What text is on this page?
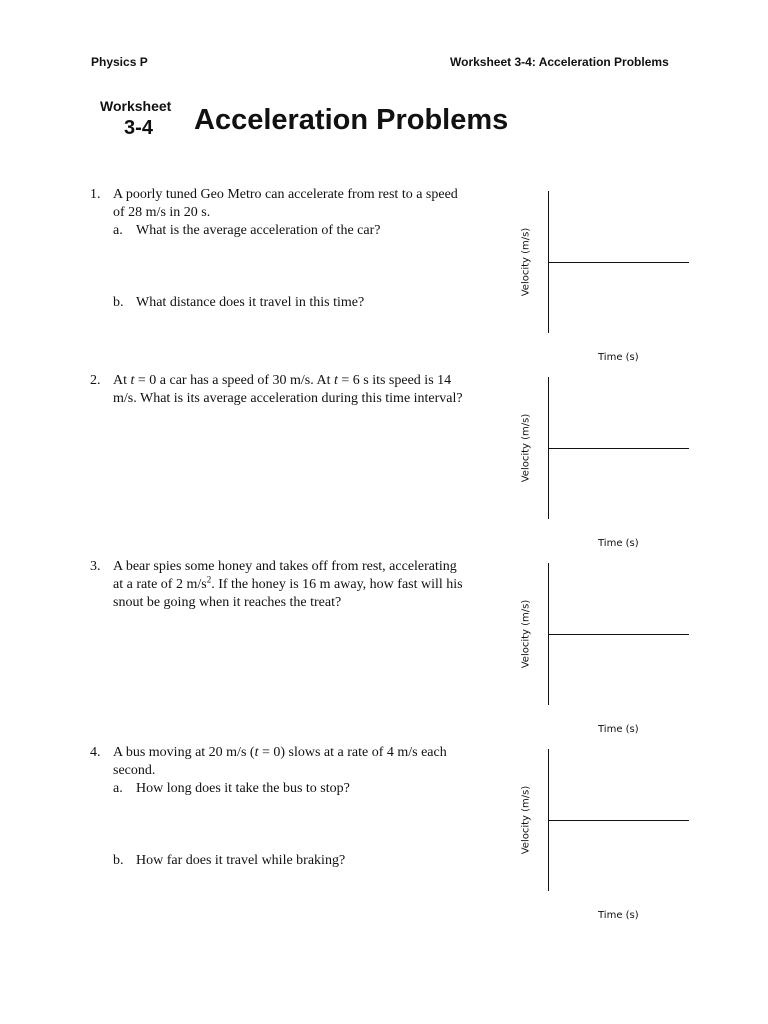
Physics P	Worksheet 3-4: Acceleration Problems
Worksheet
3-4	Acceleration Problems
1. A poorly tuned Geo Metro can accelerate from rest to a speed of 28 m/s in 20 s.
a. What is the average acceleration of the car?
b. What distance does it travel in this time?
2. At t = 0 a car has a speed of 30 m/s. At t = 6 s its speed is 14 m/s. What is its average acceleration during this time interval?
3. A bear spies some honey and takes off from rest, accelerating at a rate of 2 $m/s^2$. If the honey is 16 m away, how fast will his snout be going when it reaches the treat?
4. A bus moving at 20 m/s (t = 0) slows at a rate of 4 m/s each second.
a. How long does it take the bus to stop?
b. How far does it travel while braking?
Velocity (m/s)
Time (s)
Velocity (m/s)
Time (s)
Velocity (m/s)
Time (s)
Velocity (m/s)
Time (s)
